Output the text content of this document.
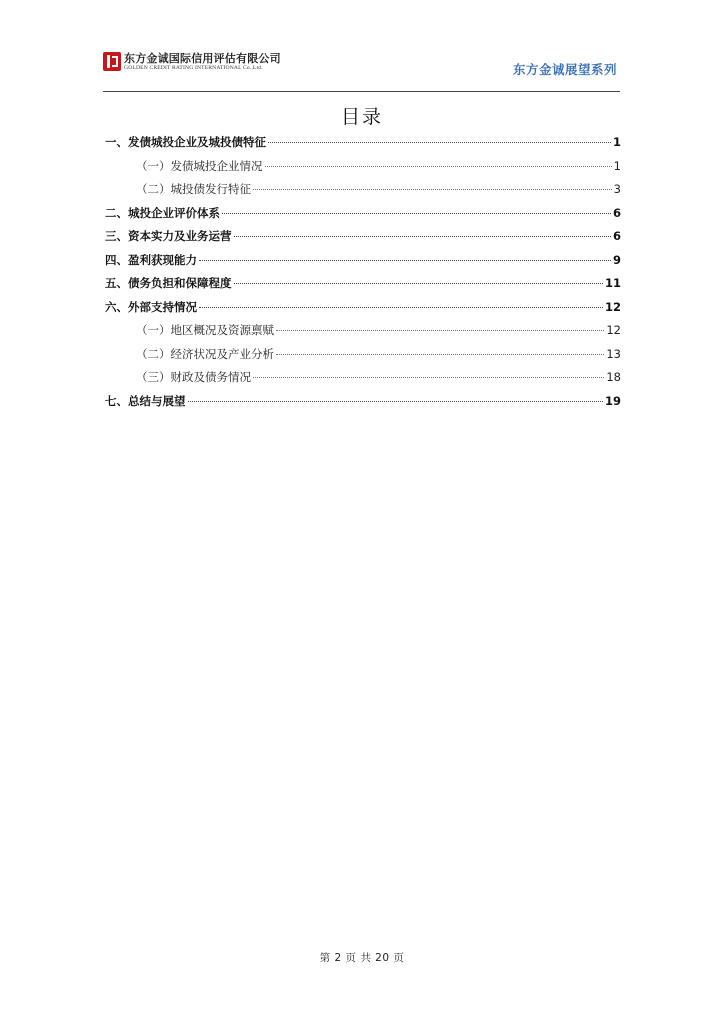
东方金诚国际信用评估有限公司
GOLDEN CREDIT RATING INTERNATIONAL Co.,Ltd.	东方金诚展望系列
目录
一、发债城投企业及城投债特征	1
（一）发债城投企业情况	1
（二）城投债发行特征	3
二、城投企业评价体系	6
三、资本实力及业务运营	6
四、盈利获现能力	9
五、债务负担和保障程度	11
六、外部支持情况	12
（一）地区概况及资源禀赋	12
（二）经济状况及产业分析	13
（三）财政及债务情况	18
七、总结与展望	19
第 2 页 共 20 页
